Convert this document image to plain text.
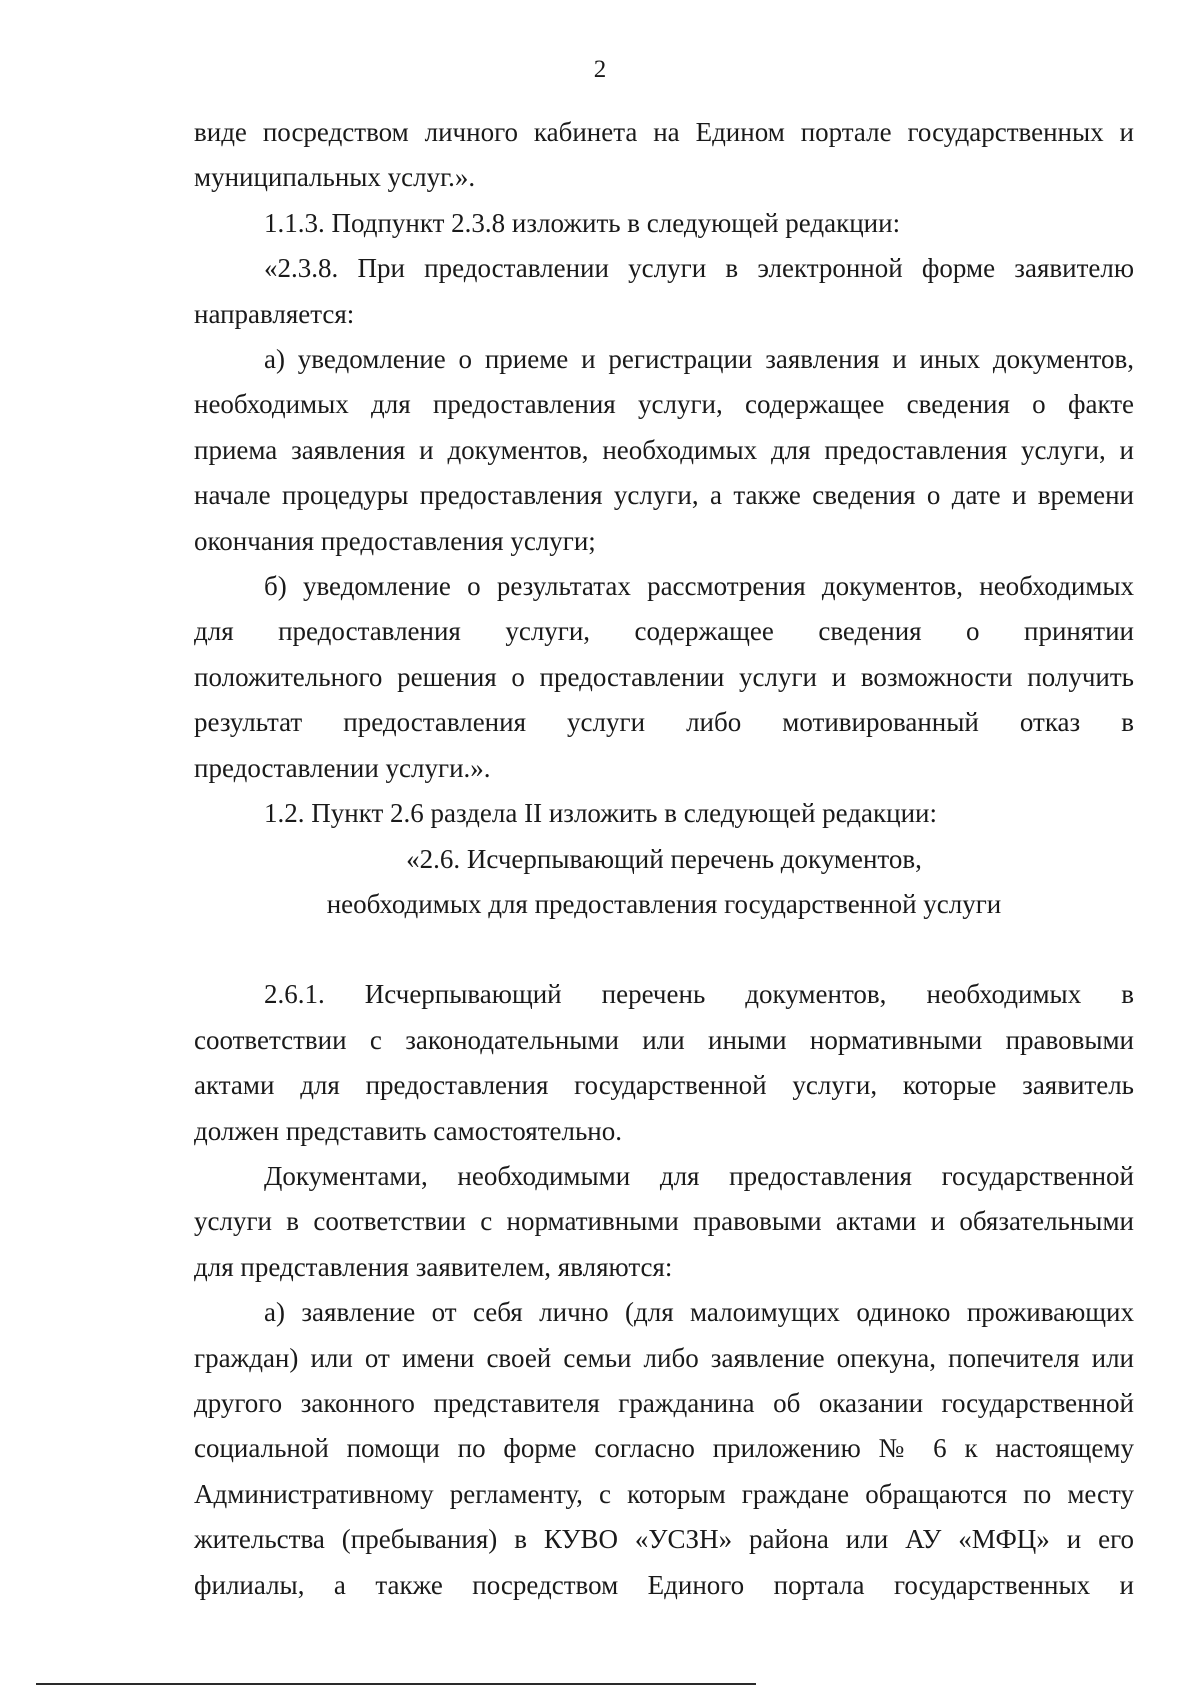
2
виде посредством личного кабинета на Едином портале государственных и
муниципальных услуг.».
1.1.3. Подпункт 2.3.8 изложить в следующей редакции:
«2.3.8. При предоставлении услуги в электронной форме заявителю
направляется:
а) уведомление о приеме и регистрации заявления и иных документов,
необходимых для предоставления услуги, содержащее сведения о факте
приема заявления и документов, необходимых для предоставления услуги, и
начале процедуры предоставления услуги, а также сведения о дате и времени
окончания предоставления услуги;
б) уведомление о результатах рассмотрения документов, необходимых
для предоставления услуги, содержащее сведения о принятии
положительного решения о предоставлении услуги и возможности получить
результат предоставления услуги либо мотивированный отказ в
предоставлении услуги.».
1.2. Пункт 2.6 раздела II изложить в следующей редакции:
«2.6. Исчерпывающий перечень документов,
необходимых для предоставления государственной услуги
2.6.1. Исчерпывающий перечень документов, необходимых в
соответствии с законодательными или иными нормативными правовыми
актами для предоставления государственной услуги, которые заявитель
должен представить самостоятельно.
Документами, необходимыми для предоставления государственной
услуги в соответствии с нормативными правовыми актами и обязательными
для представления заявителем, являются:
а) заявление от себя лично (для малоимущих одиноко проживающих
граждан) или от имени своей семьи либо заявление опекуна, попечителя или
другого законного представителя гражданина об оказании государственной
социальной помощи по форме согласно приложению № 6 к настоящему
Административному регламенту, с которым граждане обращаются по месту
жительства (пребывания) в КУВО «УСЗН» района или АУ «МФЦ» и его
филиалы, а также посредством Единого портала государственных и
